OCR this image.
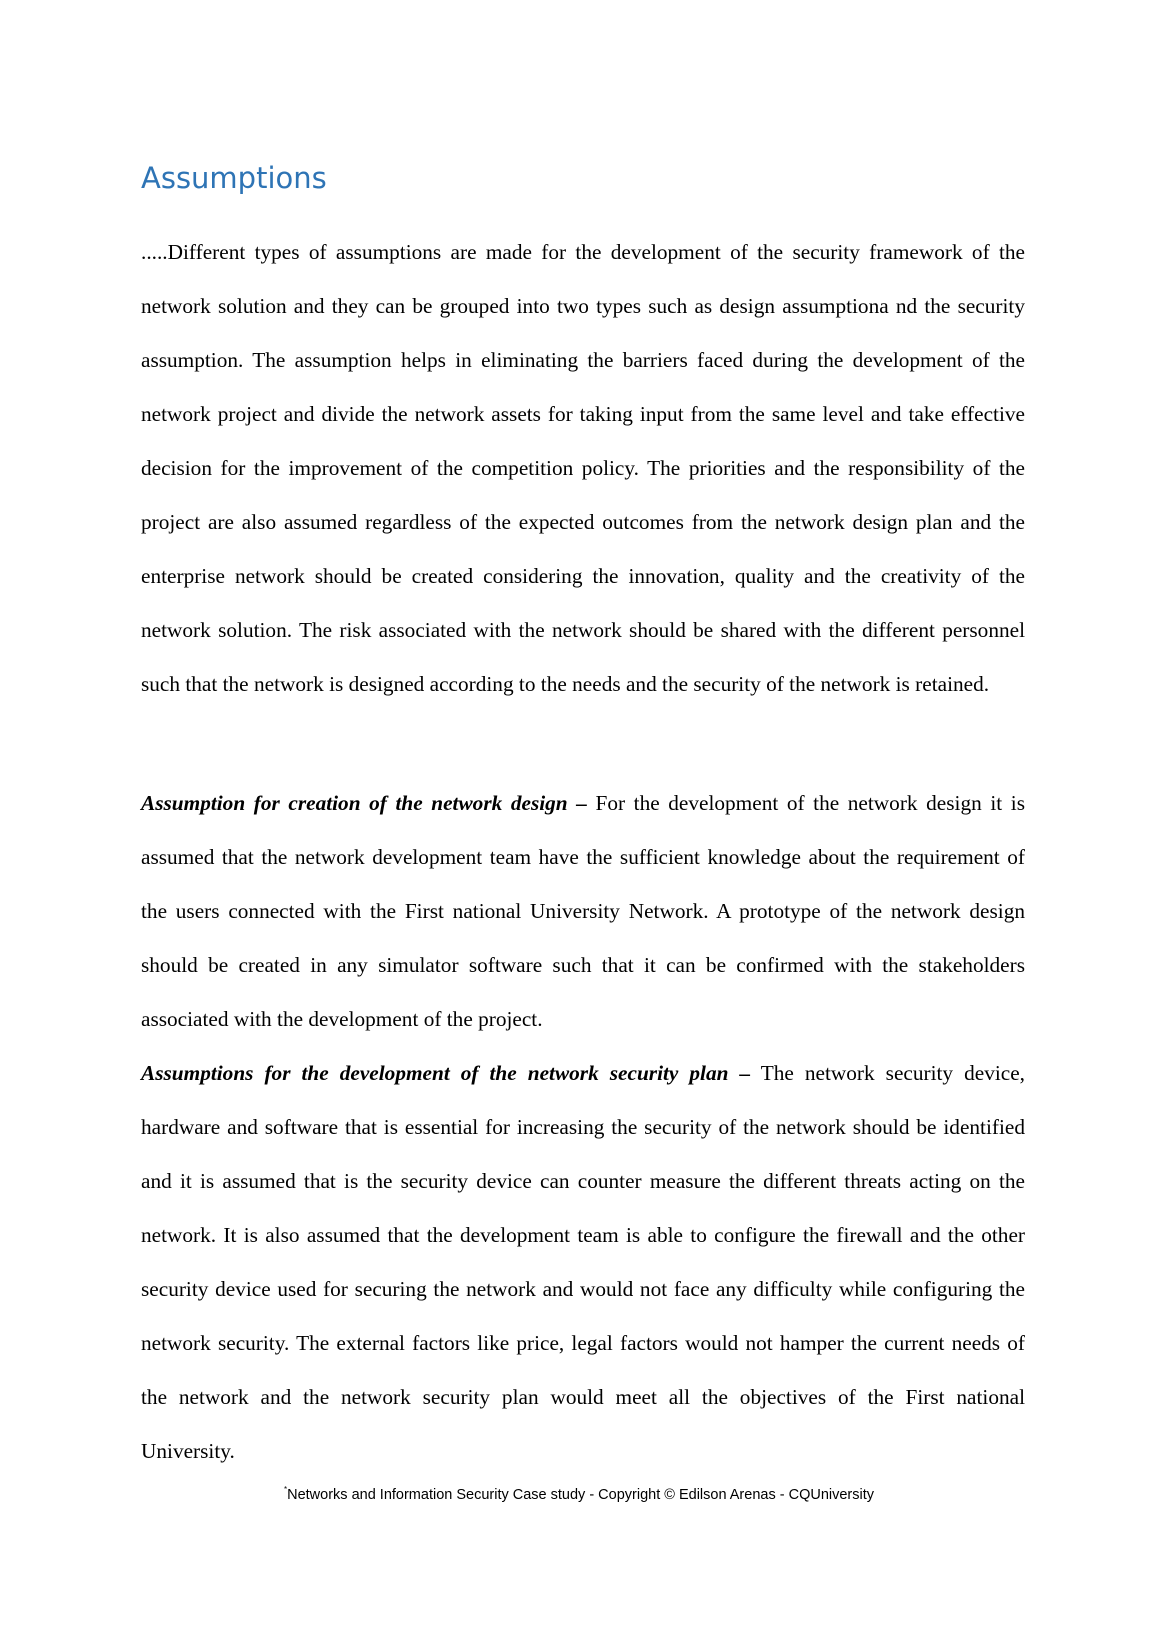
Assumptions

.....Different types of assumptions are made for the development of the security framework of the network solution and they can be grouped into two types such as design assumptiona nd the security assumption. The assumption helps in eliminating the barriers faced during the development of the network project and divide the network assets for taking input from the same level and take effective decision for the improvement of the competition policy. The priorities and the responsibility of the project are also assumed regardless of the expected outcomes from the network design plan and the enterprise network should be created considering the innovation, quality and the creativity of the network solution. The risk associated with the network should be shared with the different personnel such that the network is designed according to the needs and the security of the network is retained.

Assumption for creation of the network design – For the development of the network design it is assumed that the network development team have the sufficient knowledge about the requirement of the users connected with the First national University Network. A prototype of the network design should be created in any simulator software such that it can be confirmed with the stakeholders associated with the development of the project.

Assumptions for the development of the network security plan – The network security device, hardware and software that is essential for increasing the security of the network should be identified and it is assumed that is the security device can counter measure the different threats acting on the network. It is also assumed that the development team is able to configure the firewall and the other security device used for securing the network and would not face any difficulty while configuring the network security. The external factors like price, legal factors would not hamper the current needs of the network and the network security plan would meet all the objectives of the First national University.

*Networks and Information Security Case study - Copyright © Edilson Arenas - CQUniversity
